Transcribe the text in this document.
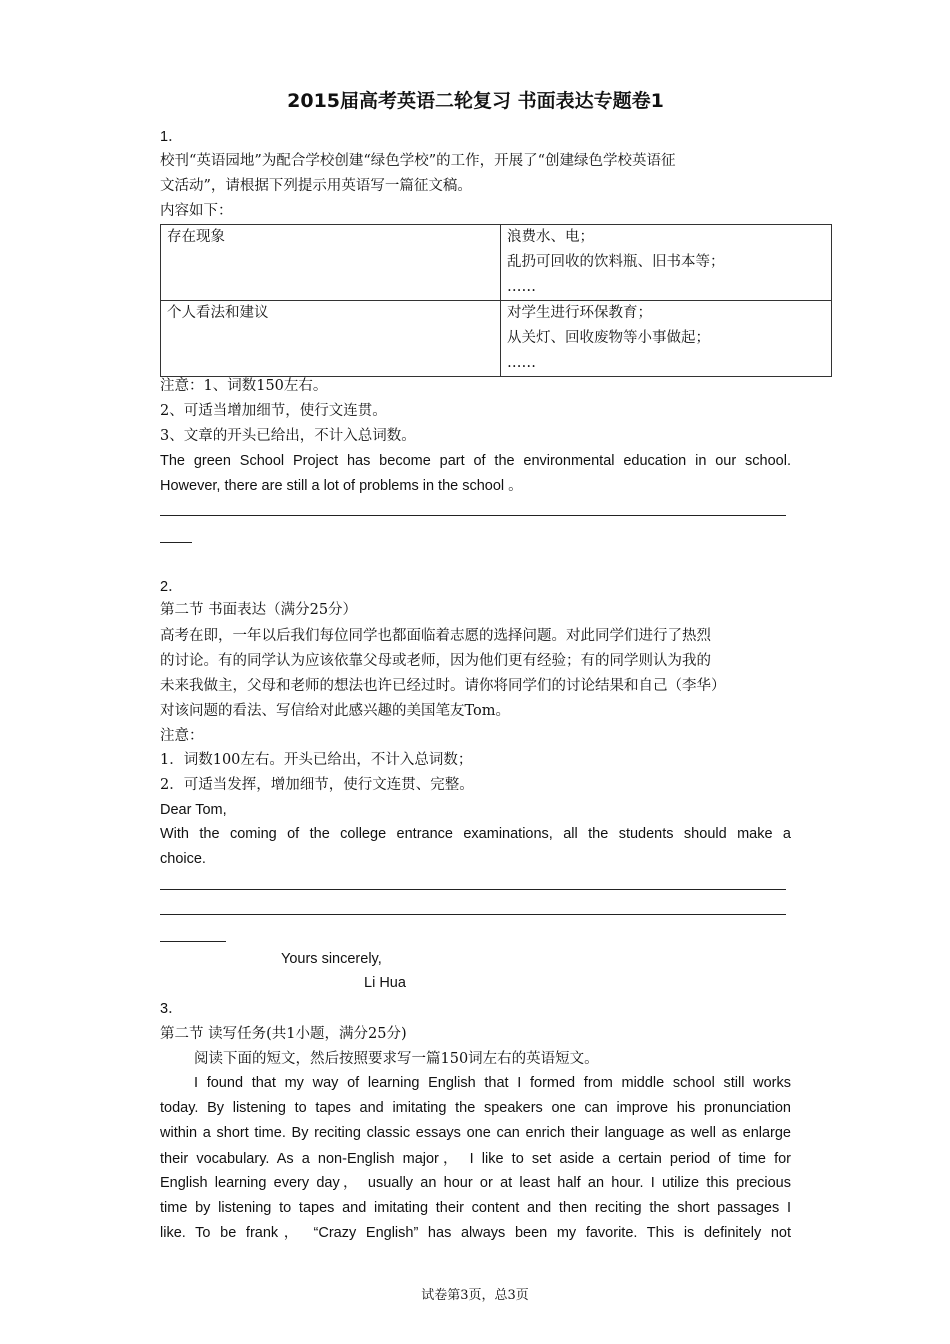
2015届高考英语二轮复习 书面表达专题卷1
1．
校刊“英语园地”为配合学校创建“绿色学校”的工作，开展了“创建绿色学校英语征
文活动”，请根据下列提示用英语写一篇征文稿。
内容如下：
存在现象	浪费水、电；
乱扔可回收的饮料瓶、旧书本等；
……

个人看法和建议	对学生进行环保教育；
从关灯、回收废物等小事做起；
……
注意：1、词数150左右。
2、可适当增加细节，使行文连贯。
3、文章的开头已给出，不计入总词数。
The green School Project has become part of the environmental education in our school.
However, there are still a lot of problems in the school 。
2．
第二节 书面表达（满分25分）
高考在即，一年以后我们每位同学也都面临着志愿的选择问题。对此同学们进行了热烈
的讨论。有的同学认为应该依靠父母或老师，因为他们更有经验；有的同学则认为我的
未来我做主，父母和老师的想法也许已经过时。请你将同学们的讨论结果和自己（李华）
对该问题的看法、写信给对此感兴趣的美国笔友Tom。
注意：
1．词数100左右。开头已给出，不计入总词数；
2．可适当发挥，增加细节，使行文连贯、完整。
Dear Tom,
With the coming of the college entrance examinations, all the students should make a
choice.
Yours sincerely,
Li Hua
3．
第二节 读写任务(共1小题，满分25分)
阅读下面的短文，然后按照要求写一篇150词左右的英语短文。
I found that my way of learning English that I formed from middle school still works
today. By listening to tapes and imitating the speakers one can improve his pronunciation
within a short time. By reciting classic essays one can enrich their language as well as enlarge
their vocabulary. As a non-English major， I like to set aside a certain period of time for
English learning every day， usually an hour or at least half an hour. I utilize this precious
time by listening to tapes and imitating their content and then reciting the short passages I
like. To be frank， “Crazy English” has always been my favorite. This is definitely not
试卷第3页，总3页
